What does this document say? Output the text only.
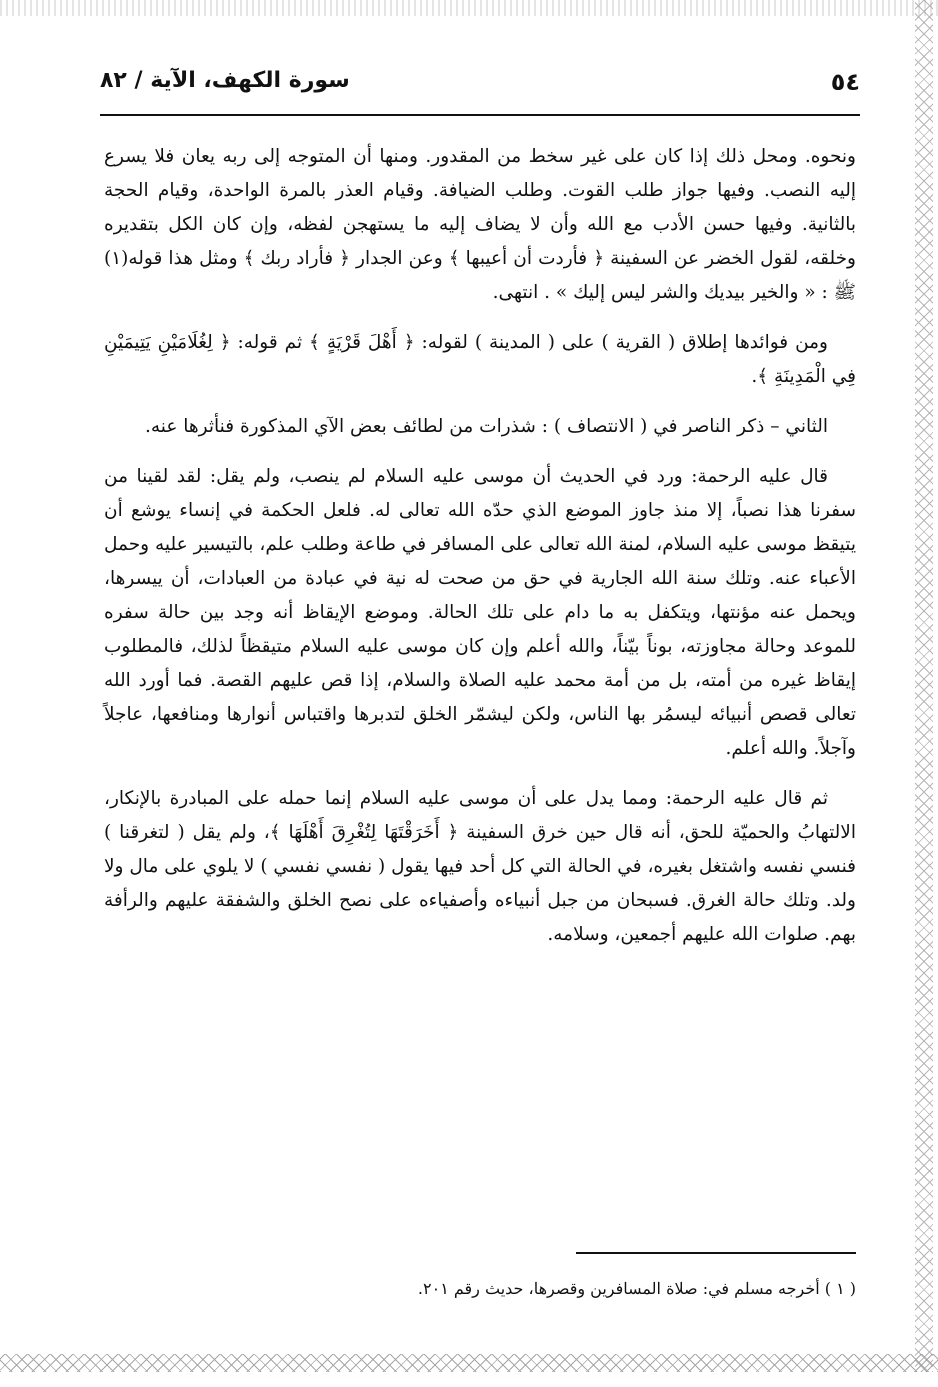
٥٤
سورة الكهف، الآية / ٨٢

ونحوه. ومحل ذلك إذا كان على غير سخط من المقدور. ومنها أن المتوجه إلى ربه يعان فلا يسرع إليه النصب. وفيها جواز طلب القوت. وطلب الضيافة. وقيام العذر بالمرة الواحدة، وقيام الحجة بالثانية. وفيها حسن الأدب مع الله وأن لا يضاف إليه ما يستهجن لفظه، وإن كان الكل بتقديره وخلقه، لقول الخضر عن السفينة ﴿ فأردت أن أعيبها ﴾ وعن الجدار ﴿ فأراد ربك ﴾ ومثل هذا قوله(١) ﷺ : « والخير بيديك والشر ليس إليك » . انتهى.

ومن فوائدها إطلاق ( القرية ) على ( المدينة ) لقوله: ﴿ أَهْلَ قَرْيَةٍ ﴾ ثم قوله: ﴿ لِغُلَامَيْنِ يَتِيمَيْنِ فِي الْمَدِينَةِ ﴾.

الثاني – ذكر الناصر في ( الانتصاف ) : شذرات من لطائف بعض الآي المذكورة فنأثرها عنه.

قال عليه الرحمة: ورد في الحديث أن موسى عليه السلام لم ينصب، ولم يقل: لقد لقينا من سفرنا هذا نصباً، إلا منذ جاوز الموضع الذي حدّه الله تعالى له. فلعل الحكمة في إنساء يوشع أن يتيقظ موسى عليه السلام، لمنة الله تعالى على المسافر في طاعة وطلب علم، بالتيسير عليه وحمل الأعباء عنه. وتلك سنة الله الجارية في حق من صحت له نية في عبادة من العبادات، أن ييسرها، ويحمل عنه مؤنتها، ويتكفل به ما دام على تلك الحالة. وموضع الإيقاظ أنه وجد بين حالة سفره للموعد وحالة مجاوزته، بوناً بيّناً، والله أعلم وإن كان موسى عليه السلام متيقظاً لذلك، فالمطلوب إيقاظ غيره من أمته، بل من أمة محمد عليه الصلاة والسلام، إذا قص عليهم القصة. فما أورد الله تعالى قصص أنبيائه ليسمُر بها الناس، ولكن ليشمّر الخلق لتدبرها واقتباس أنوارها ومنافعها، عاجلاً وآجلاً. والله أعلم.

ثم قال عليه الرحمة: ومما يدل على أن موسى عليه السلام إنما حمله على المبادرة بالإنكار، الالتهابُ والحميّة للحق، أنه قال حين خرق السفينة ﴿ أَخَرَقْتَهَا لِتُغْرِقَ أَهْلَهَا ﴾، ولم يقل ( لتغرقنا ) فنسي نفسه واشتغل بغيره، في الحالة التي كل أحد فيها يقول ( نفسي نفسي ) لا يلوي على مال ولا ولد. وتلك حالة الغرق. فسبحان من جبل أنبياءه وأصفياءه على نصح الخلق والشفقة عليهم والرأفة بهم. صلوات الله عليهم أجمعين، وسلامه.

( ١ ) أخرجه مسلم في: صلاة المسافرين وقصرها، حديث رقم ٢٠١.
